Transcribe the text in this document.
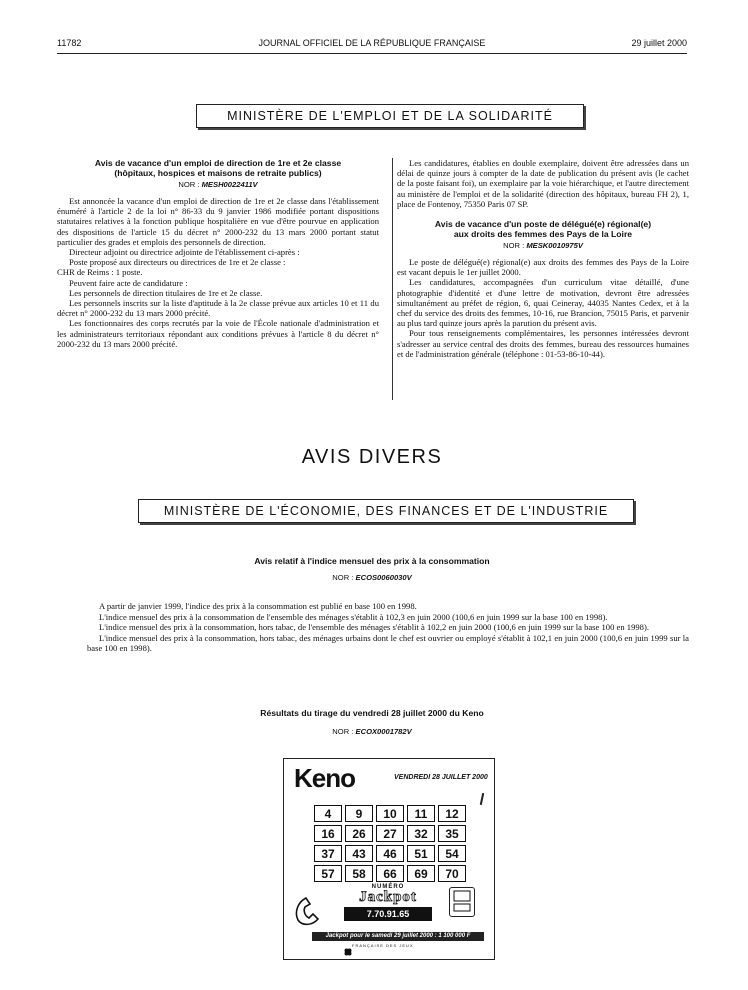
11782	JOURNAL OFFICIEL DE LA RÉPUBLIQUE FRANÇAISE	29 juillet 2000
MINISTÈRE DE L'EMPLOI ET DE LA SOLIDARITÉ
Avis de vacance d'un emploi de direction de 1re et 2e classe
(hôpitaux, hospices et maisons de retraite publics)
NOR : MESH0022411V

Est annoncée la vacance d'un emploi de direction de 1re et 2e classe dans l'établissement énuméré à l'article 2 de la loi n° 86-33 du 9 janvier 1986 modifiée portant dispositions statutaires relatives à la fonction publique hospitalière en vue d'être pourvue en application des dispositions de l'article 15 du décret n° 2000-232 du 13 mars 2000 portant statut particulier des grades et emplois des personnels de direction.

Directeur adjoint ou directrice adjointe de l'établissement ci-après :

Poste proposé aux directeurs ou directrices de 1re et 2e classe :

CHR de Reims : 1 poste.

Peuvent faire acte de candidature :

Les personnels de direction titulaires de 1re et 2e classe.

Les personnels inscrits sur la liste d'aptitude à la 2e classe prévue aux articles 10 et 11 du décret n° 2000-232 du 13 mars 2000 précité.

Les fonctionnaires des corps recrutés par la voie de l'École nationale d'administration et les administrateurs territoriaux répondant aux conditions prévues à l'article 8 du décret n° 2000-232 du 13 mars 2000 précité.

Les candidatures, établies en double exemplaire, doivent être adressées dans un délai de quinze jours à compter de la date de publication du présent avis (le cachet de la poste faisant foi), un exemplaire par la voie hiérarchique, et l'autre directement au ministère de l'emploi et de la solidarité (direction des hôpitaux, bureau FH 2), 1, place de Fontenoy, 75350 Paris 07 SP.

Avis de vacance d'un poste de délégué(e) régional(e)
aux droits des femmes des Pays de la Loire
NOR : MESK0010975V

Le poste de délégué(e) régional(e) aux droits des femmes des Pays de la Loire est vacant depuis le 1er juillet 2000.

Les candidatures, accompagnées d'un curriculum vitae détaillé, d'une photographie d'identité et d'une lettre de motivation, devront être adressées simultanément au préfet de région, 6, quai Ceineray, 44035 Nantes Cedex, et à la chef du service des droits des femmes, 10-16, rue Brancion, 75015 Paris, et parvenir au plus tard quinze jours après la parution du présent avis.

Pour tous renseignements complémentaires, les personnes intéressées devront s'adresser au service central des droits des femmes, bureau des ressources humaines et de l'administration générale (téléphone : 01-53-86-10-44).

AVIS DIVERS
MINISTÈRE DE L'ÉCONOMIE, DES FINANCES ET DE L'INDUSTRIE
Avis relatif à l'indice mensuel des prix à la consommation
NOR : ECOS0060030V

A partir de janvier 1999, l'indice des prix à la consommation est publié en base 100 en 1998.

L'indice mensuel des prix à la consommation de l'ensemble des ménages s'établit à 102,3 en juin 2000 (100,6 en juin 1999 sur la base 100 en 1998).

L'indice mensuel des prix à la consommation, hors tabac, de l'ensemble des ménages s'établit à 102,2 en juin 2000 (100,6 en juin 1999 sur la base 100 en 1998).

L'indice mensuel des prix à la consommation, hors tabac, des ménages urbains dont le chef est ouvrier ou employé s'établit à 102,1 en juin 2000 (100,6 en juin 1999 sur la base 100 en 1998).

Résultats du tirage du vendredi 28 juillet 2000 du Keno
NOR : ECOX0001782V
Keno	VENDREDI 28 JUILLET 2000
4	9	10	11	12
16	26	27	32	35
37	43	46	51	54
57	58	66	69	70
NUMÉRO
Jackpot
7.70.91.65
Jackpot pour le samedi 29 juillet 2000 : 1 100 000 F
FRANÇAISE DES JEUX
